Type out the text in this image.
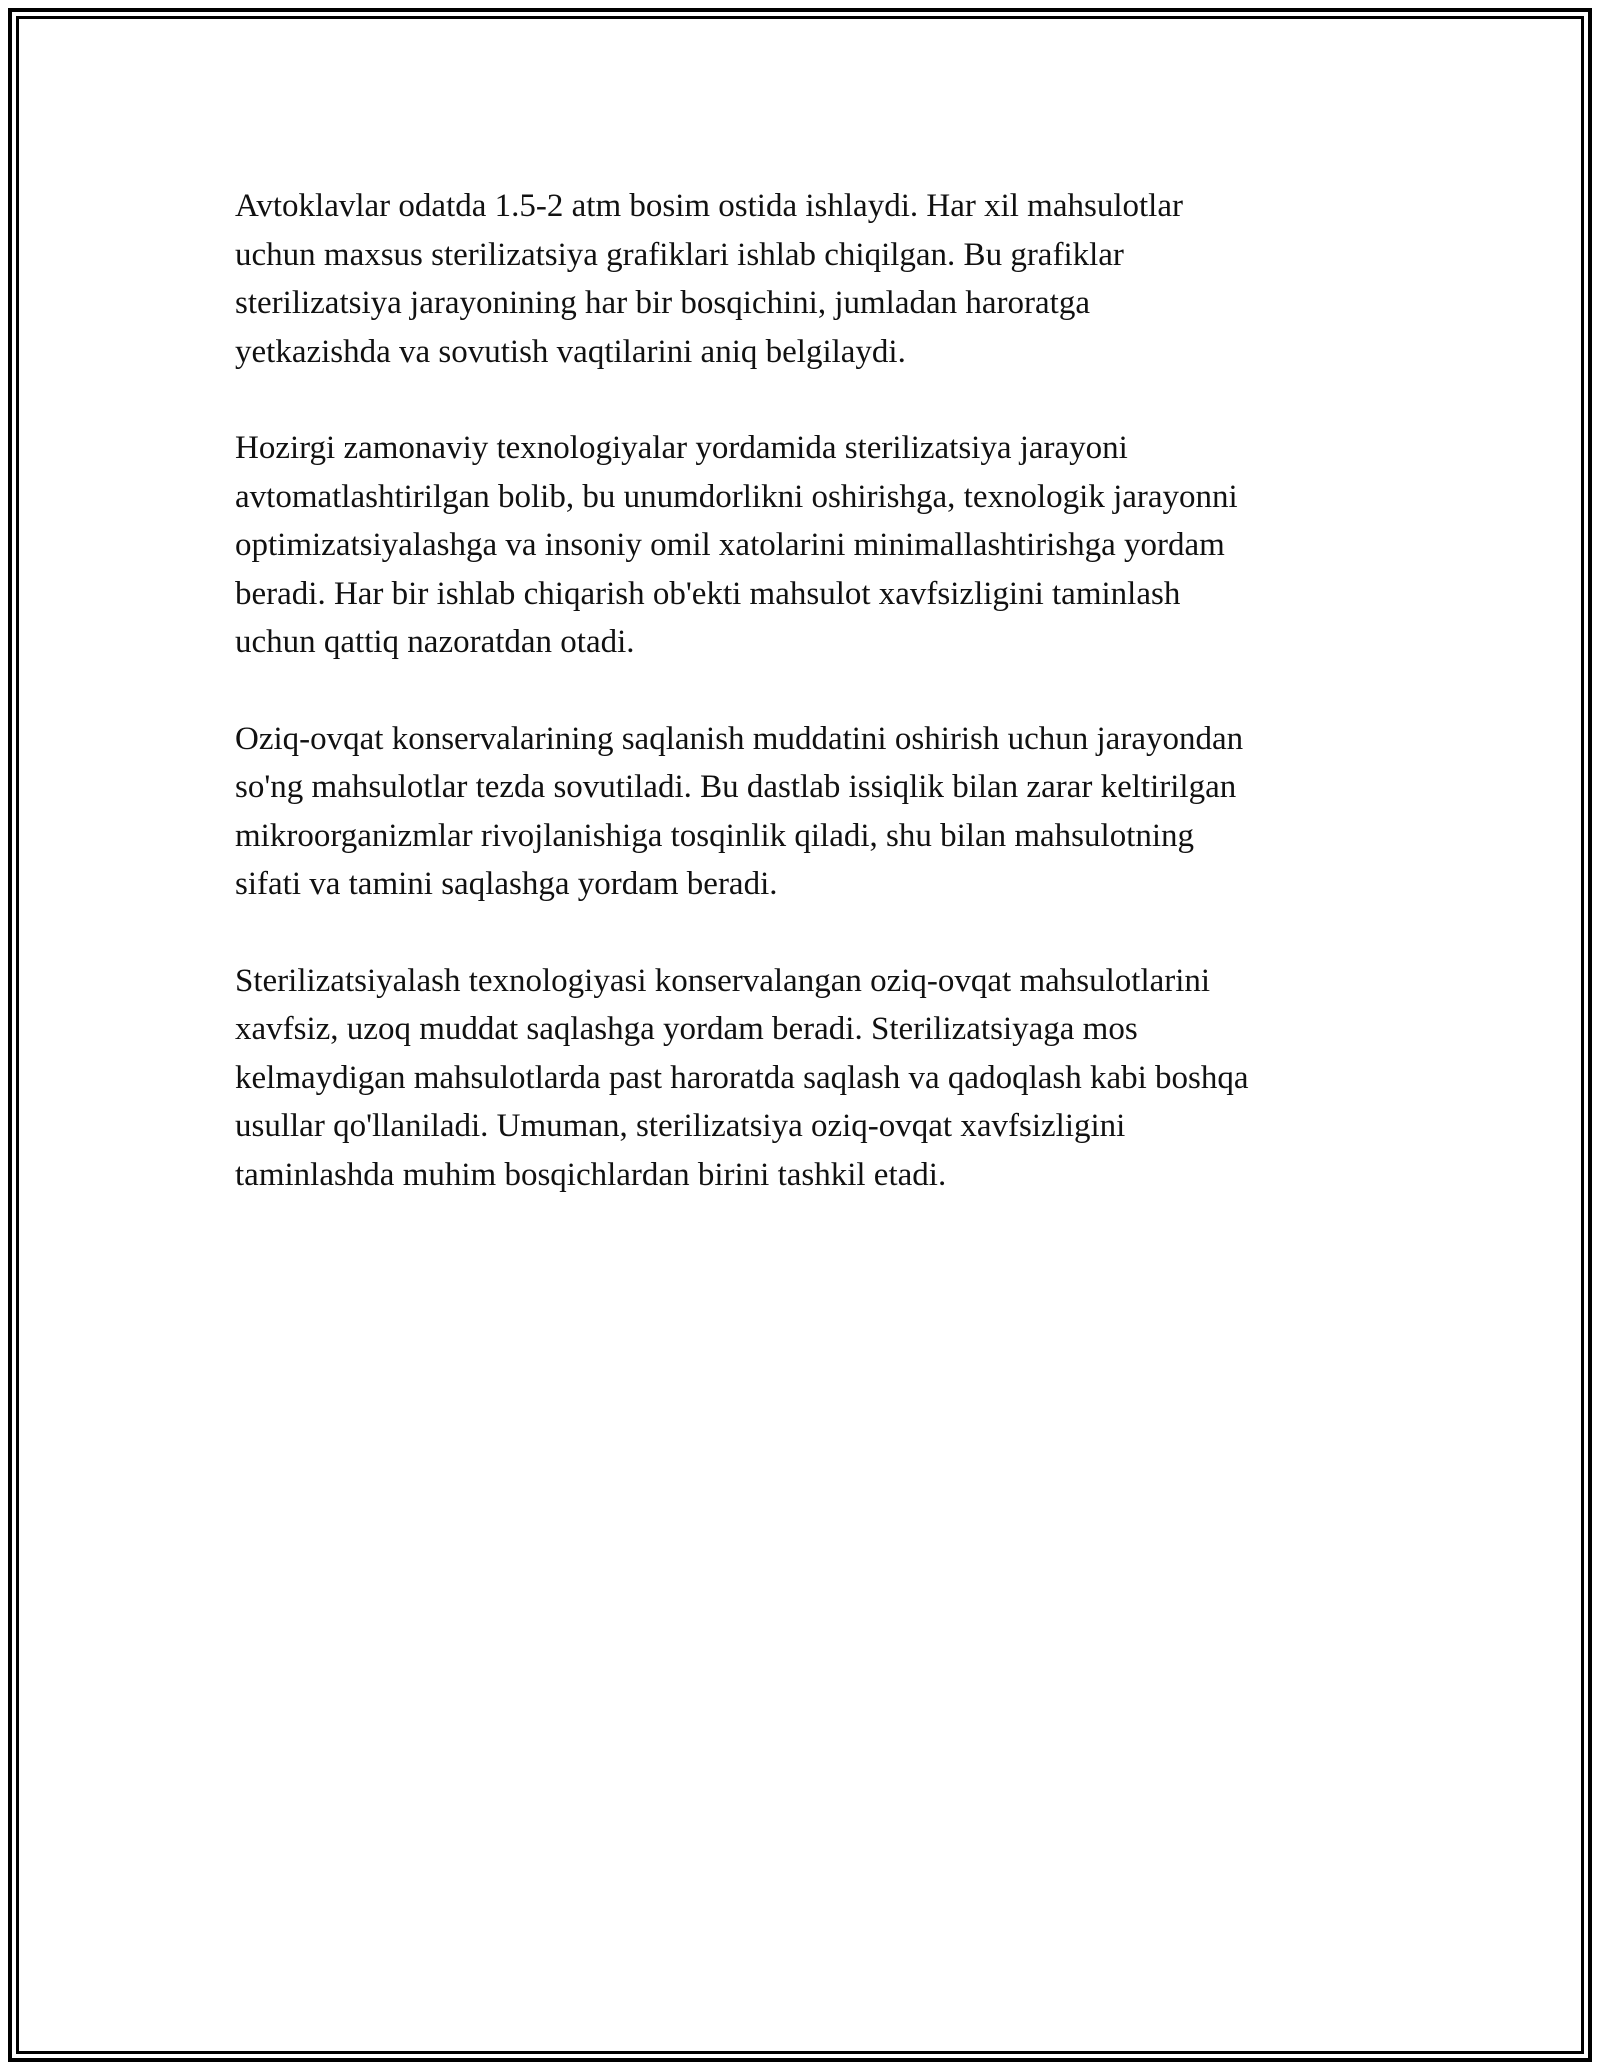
Avtoklavlar odatda 1.5-2 atm bosim ostida ishlaydi. Har xil mahsulotlar
uchun maxsus sterilizatsiya grafiklari ishlab chiqilgan. Bu grafiklar
sterilizatsiya jarayonining har bir bosqichini, jumladan haroratga
yetkazishda va sovutish vaqtilarini aniq belgilaydi.

Hozirgi zamonaviy texnologiyalar yordamida sterilizatsiya jarayoni
avtomatlashtirilgan bolib, bu unumdorlikni oshirishga, texnologik jarayonni
optimizatsiyalashga va insoniy omil xatolarini minimallashtirishga yordam
beradi. Har bir ishlab chiqarish ob'ekti mahsulot xavfsizligini taminlash
uchun qattiq nazoratdan otadi.

Oziq-ovqat konservalarining saqlanish muddatini oshirish uchun jarayondan
so'ng mahsulotlar tezda sovutiladi. Bu dastlab issiqlik bilan zarar keltirilgan
mikroorganizmlar rivojlanishiga tosqinlik qiladi, shu bilan mahsulotning
sifati va tamini saqlashga yordam beradi.

Sterilizatsiyalash texnologiyasi konservalangan oziq-ovqat mahsulotlarini
xavfsiz, uzoq muddat saqlashga yordam beradi. Sterilizatsiyaga mos
kelmaydigan mahsulotlarda past haroratda saqlash va qadoqlash kabi boshqa
usullar qo'llaniladi. Umuman, sterilizatsiya oziq-ovqat xavfsizligini
taminlashda muhim bosqichlardan birini tashkil etadi.
